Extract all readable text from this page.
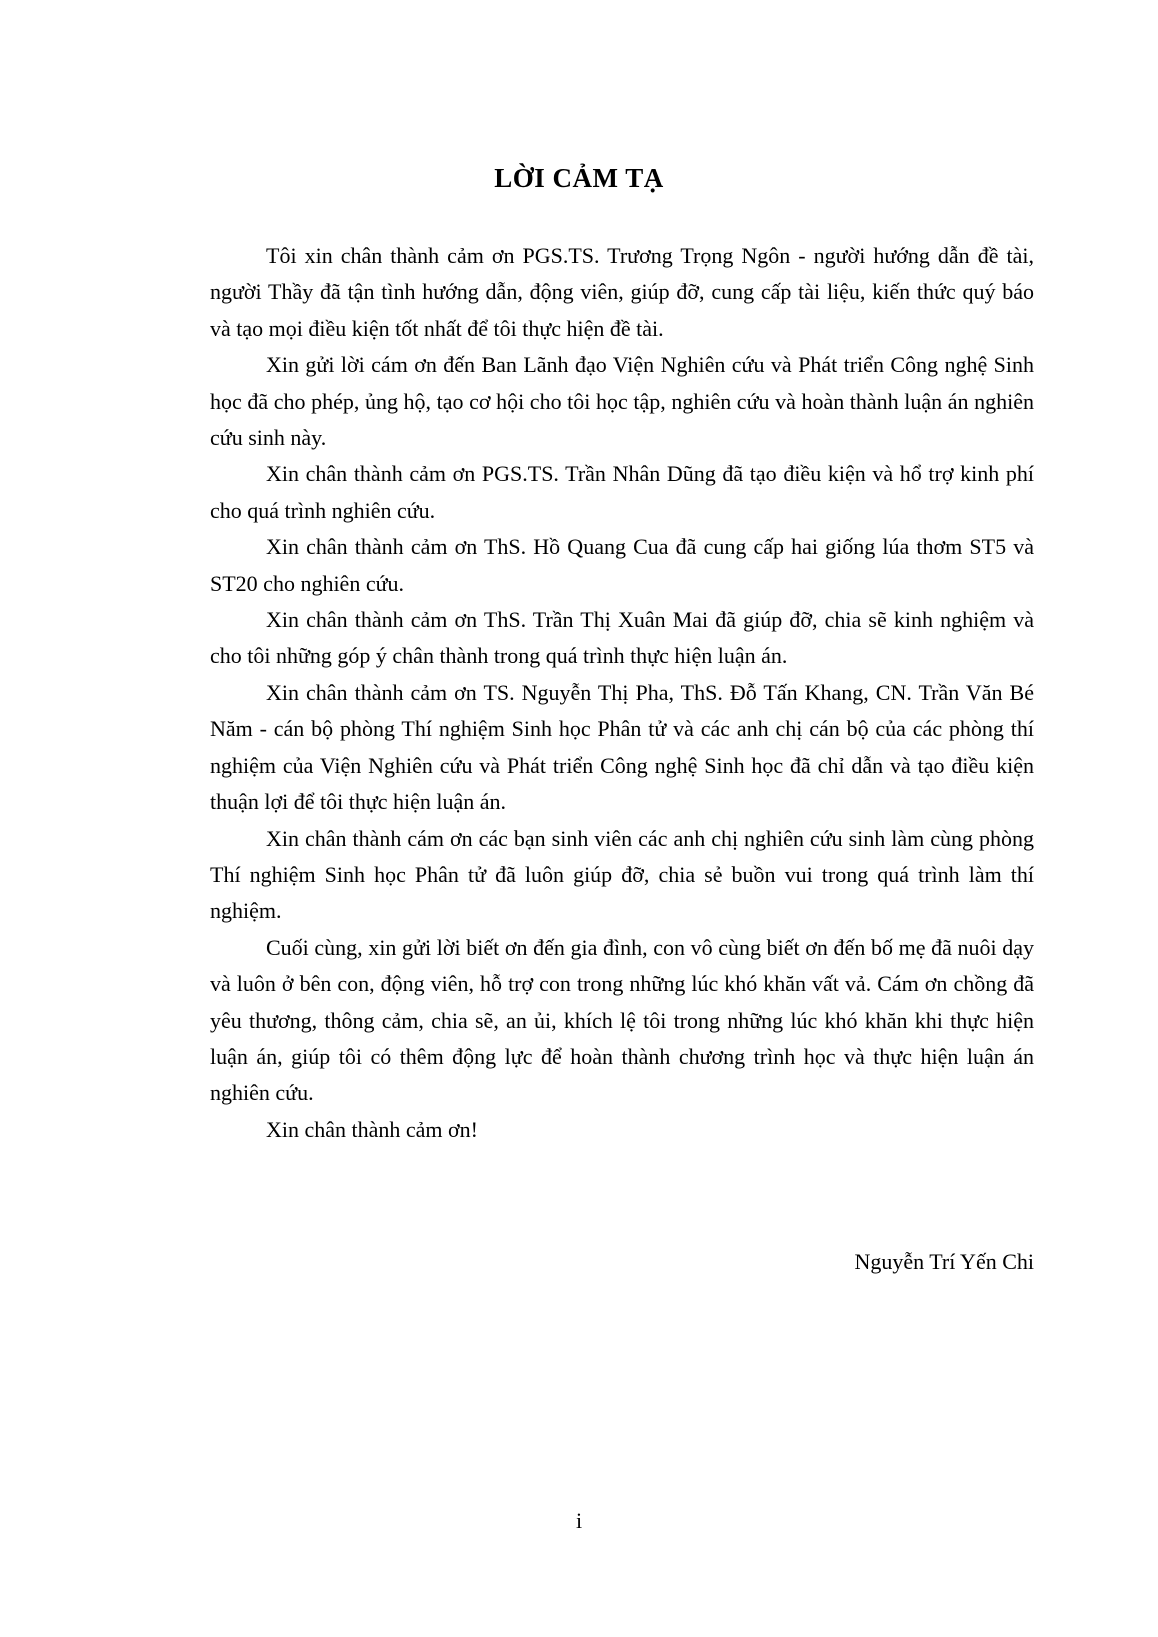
LỜI CẢM TẠ

Tôi xin chân thành cảm ơn PGS.TS. Trương Trọng Ngôn - người hướng dẫn đề tài, người Thầy đã tận tình hướng dẫn, động viên, giúp đỡ, cung cấp tài liệu, kiến thức quý báo và tạo mọi điều kiện tốt nhất để tôi thực hiện đề tài.

Xin gửi lời cám ơn đến Ban Lãnh đạo Viện Nghiên cứu và Phát triển Công nghệ Sinh học đã cho phép, ủng hộ, tạo cơ hội cho tôi học tập, nghiên cứu và hoàn thành luận án nghiên cứu sinh này.

Xin chân thành cảm ơn PGS.TS. Trần Nhân Dũng đã tạo điều kiện và hổ trợ kinh phí cho quá trình nghiên cứu.

Xin chân thành cảm ơn ThS. Hồ Quang Cua đã cung cấp hai giống lúa thơm ST5 và ST20 cho nghiên cứu.

Xin chân thành cảm ơn ThS. Trần Thị Xuân Mai đã giúp đỡ, chia sẽ kinh nghiệm và cho tôi những góp ý chân thành trong quá trình thực hiện luận án.

Xin chân thành cảm ơn TS. Nguyễn Thị Pha, ThS. Đỗ Tấn Khang, CN. Trần Văn Bé Năm - cán bộ phòng Thí nghiệm Sinh học Phân tử và các anh chị cán bộ của các phòng thí nghiệm của Viện Nghiên cứu và Phát triển Công nghệ Sinh học đã chỉ dẫn và tạo điều kiện thuận lợi để tôi thực hiện luận án.

Xin chân thành cám ơn các bạn sinh viên các anh chị nghiên cứu sinh làm cùng phòng Thí nghiệm Sinh học Phân tử đã luôn giúp đỡ, chia sẻ buồn vui trong quá trình làm thí nghiệm.

Cuối cùng, xin gửi lời biết ơn đến gia đình, con vô cùng biết ơn đến bố mẹ đã nuôi dạy và luôn ở bên con, động viên, hỗ trợ con trong những lúc khó khăn vất vả. Cám ơn chồng đã yêu thương, thông cảm, chia sẽ, an ủi, khích lệ tôi trong những lúc khó khăn khi thực hiện luận án, giúp tôi có thêm động lực để hoàn thành chương trình học và thực hiện luận án nghiên cứu.

Xin chân thành cảm ơn!

Nguyễn Trí Yến Chi
i
